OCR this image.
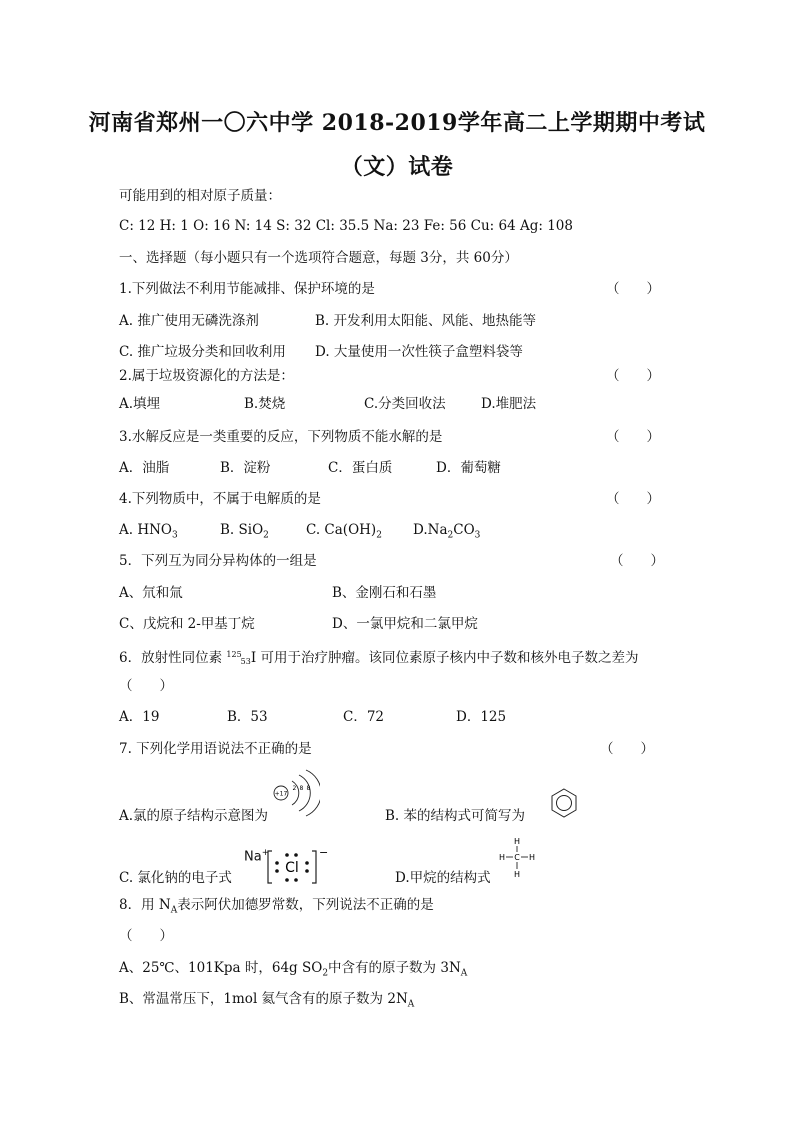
河南省郑州一〇六中学 2018-2019学年高二上学期期中考试
（文）试卷
可能用到的相对原子质量：
C: 12 H: 1 O: 16 N: 14 S: 32 Cl: 35.5 Na: 23 Fe: 56 Cu: 64 Ag: 108
一、选择题（每小题只有一个选项符合题意，每题 3分，共 60分）
1.下列做法不利用节能减排、保护环境的是	（　　）
A. 推广使用无磷洗涤剂	B. 开发利用太阳能、风能、地热能等
C. 推广垃圾分类和回收利用 D. 大量使用一次性筷子盒塑料袋等
2.属于垃圾资源化的方法是：	（　　）
A.填埋	B.焚烧	C.分类回收法	D.堆肥法
3.水解反应是一类重要的反应，下列物质不能水解的是	（　　）
A．油脂	B．淀粉	C．蛋白质	D．葡萄糖
4.下列物质中，不属于电解质的是	（　　）
A. $HNO_3$	B. SiO$_2$	C. $Ca(OH)_2$ $D.Na_2CO_3$
5．下列互为同分异构体的一组是	（　　）
A、氘和氚	B、金刚石和石墨
C、戊烷和 2-甲基丁烷	D、一氯甲烷和二氯甲烷
6．放射性同位素 $^{125}$53I 可用于治疗肿瘤。该同位素原子核内中子数和核外电子数之差为
（　　）
A．19	B．53	C．72	D．125
7. 下列化学用语说法不正确的是	（　　）
A.氯的原子结构示意图为
+17
2 8 8
B. 苯的结构式可简写为
C. 氯化钠的电子式
Na+
Cl
−
D.甲烷的结构式
H
H C H
H
8．用 $N_A$表示阿伏加德罗常数，下列说法不正确的是
（　　）
A、25℃、101Kpa 时，64g $SO_2$中含有的原子数为 $3N_A$
B、常温常压下，1mol 氦气含有的原子数为 $2N_A$
